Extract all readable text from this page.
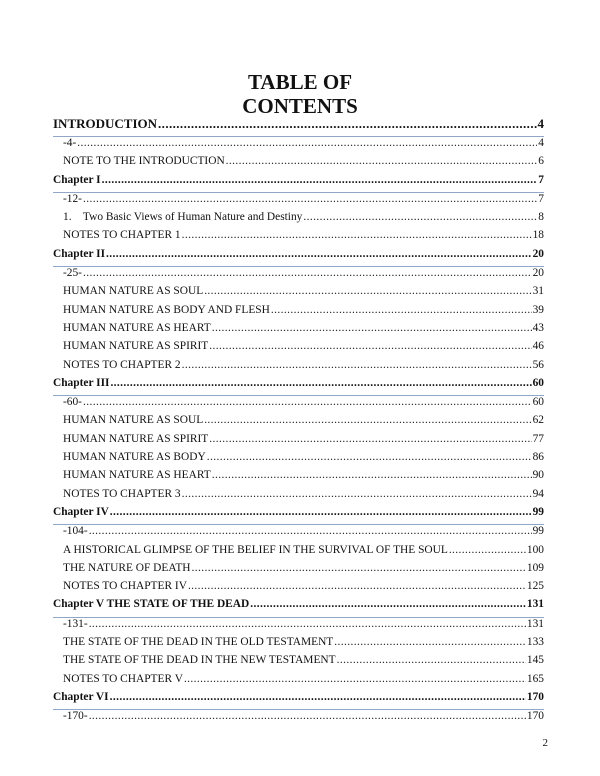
TABLE OF
CONTENTS
INTRODUCTION .....	4
-4- .....	4
NOTE TO THE INTRODUCTION .....	6
Chapter I .....	7
-12- .....	7
1.    Two Basic Views of Human Nature and Destiny .....	8
NOTES TO CHAPTER 1 .....	18
Chapter II .....	20
-25- .....	20
HUMAN NATURE AS SOUL .....	31
HUMAN NATURE AS BODY AND FLESH .....	39
HUMAN NATURE AS HEART .....	43
HUMAN NATURE AS SPIRIT .....	46
NOTES TO CHAPTER 2 .....	56
Chapter III .....	60
-60- .....	60
HUMAN NATURE AS SOUL .....	62
HUMAN NATURE AS SPIRIT .....	77
HUMAN NATURE AS BODY .....	86
HUMAN NATURE AS HEART .....	90
NOTES TO CHAPTER 3 .....	94
Chapter IV .....	99
-104- .....	99
A HISTORICAL GLIMPSE OF THE BELIEF IN THE SURVIVAL OF THE SOUL .....	100
THE NATURE OF DEATH .....	109
NOTES TO CHAPTER IV .....	125
Chapter V THE STATE OF THE DEAD .....	131
-131- .....	131
THE STATE OF THE DEAD IN THE OLD TESTAMENT .....	133
THE STATE OF THE DEAD IN THE NEW TESTAMENT .....	145
NOTES TO CHAPTER V .....	165
Chapter VI .....	170
-170- .....	170
2
